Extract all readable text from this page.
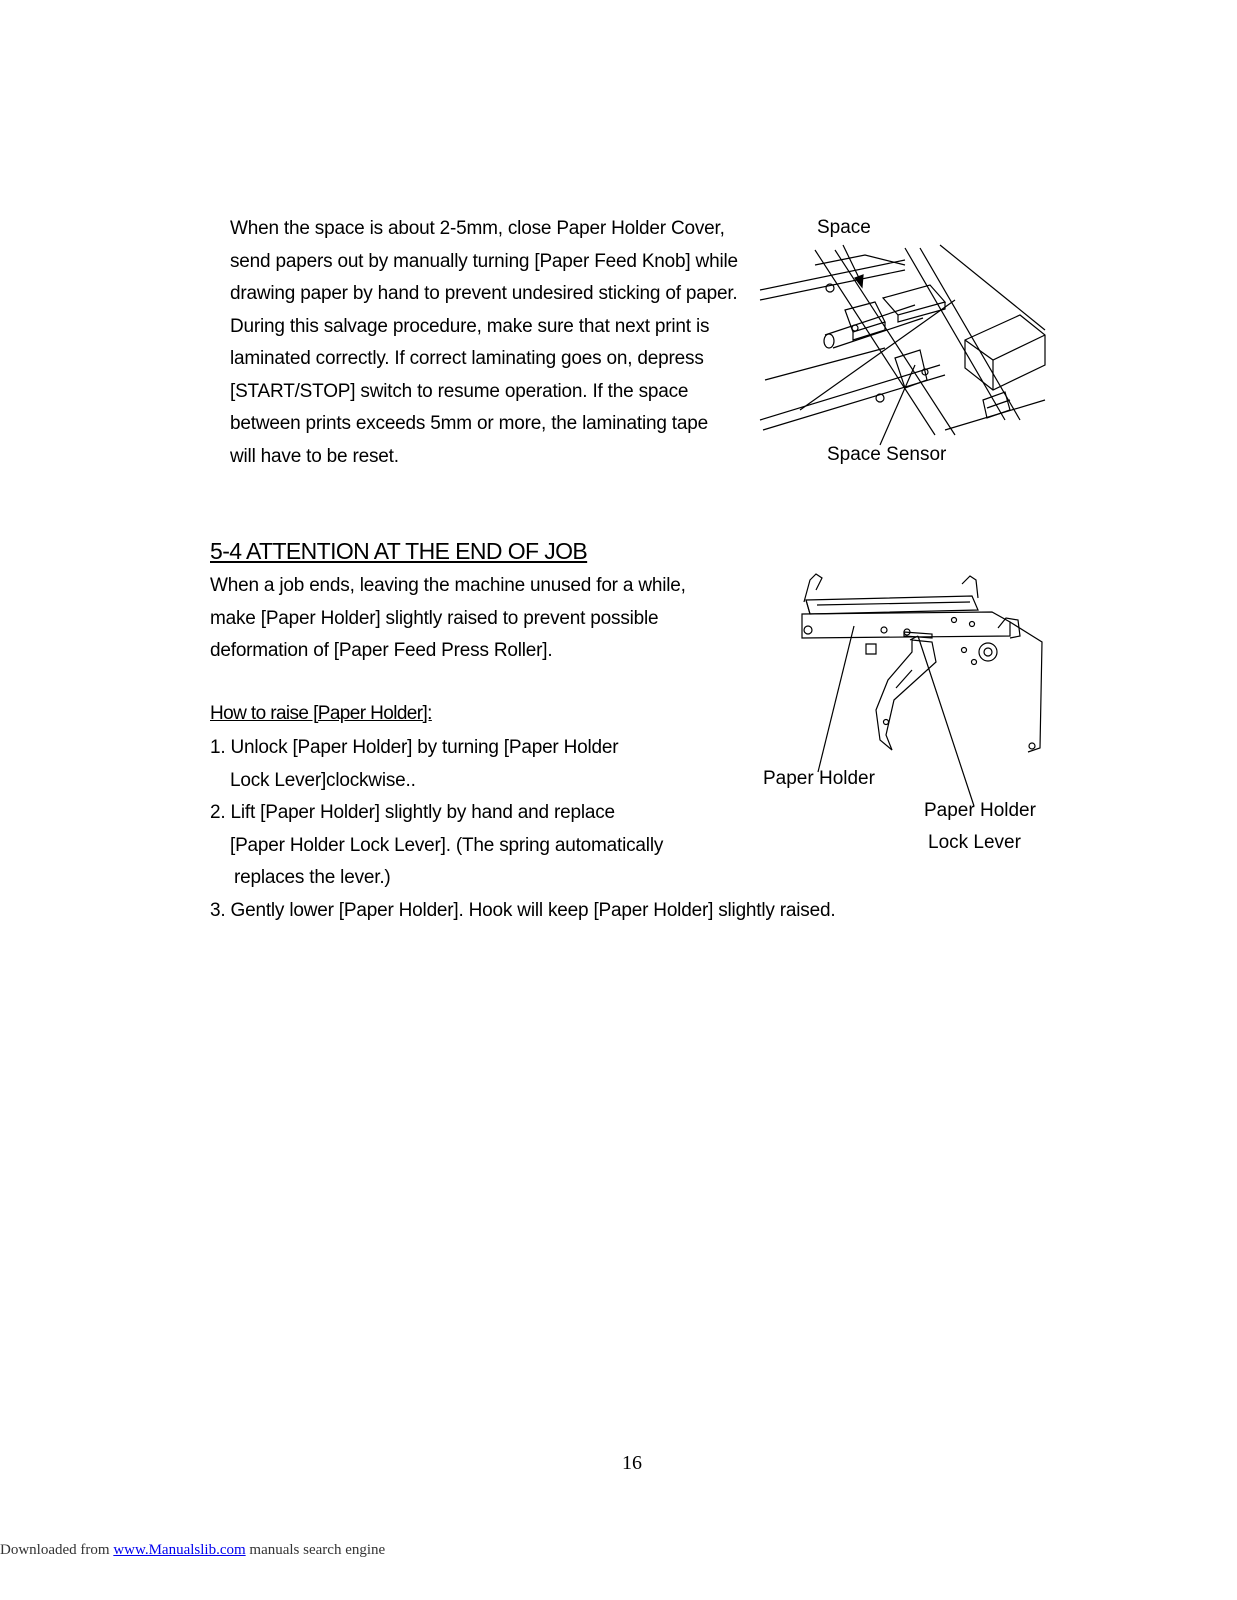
When the space is about 2-5mm, close Paper Holder Cover,
send papers out by manually turning [Paper Feed Knob] while
drawing paper by hand to prevent undesired sticking of paper.
During this salvage procedure, make sure that next print is
laminated correctly. If correct laminating goes on, depress
[START/STOP] switch to resume operation. If the space
between prints exceeds 5mm or more, the laminating tape
will have to be reset.
Space
Space Sensor
5-4 ATTENTION AT THE END OF JOB
When a job ends, leaving the machine unused for a while,
make [Paper Holder] slightly raised to prevent possible
deformation of [Paper Feed Press Roller].
How to raise [Paper Holder]:
1. Unlock [Paper Holder] by turning [Paper Holder
Lock Lever]clockwise..
2. Lift [Paper Holder] slightly by hand and replace
[Paper Holder Lock Lever]. (The spring automatically
replaces the lever.)
3. Gently lower [Paper Holder]. Hook will keep [Paper Holder] slightly raised.
Paper Holder
Paper Holder
Lock Lever
16
Downloaded from www.Manualslib.com manuals search engine
